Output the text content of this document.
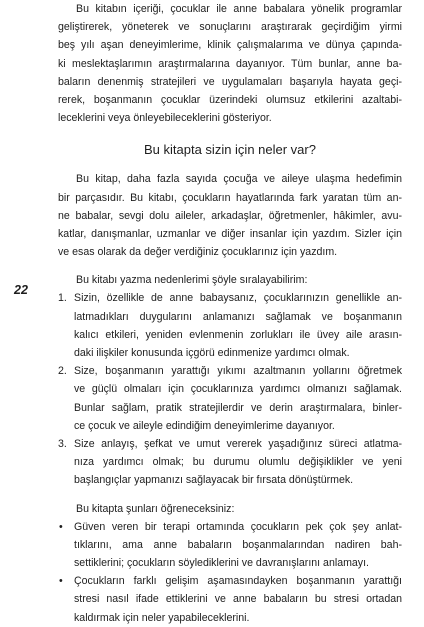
22
Bu kitabın içeriği, çocuklar ile anne babalara yönelik programlar
geliştirerek, yöneterek ve sonuçlarını araştırarak geçirdiğim yirmi
beş yılı aşan deneyimlerime, klinik çalışmalarıma ve dünya çapında-
ki meslektaşlarımın araştırmalarına dayanıyor. Tüm bunlar, anne ba-
baların denenmiş stratejileri ve uygulamaları başarıyla hayata geçi-
rerek, boşanmanın çocuklar üzerindeki olumsuz etkilerini azaltabi-
leceklerini veya önleyebileceklerini gösteriyor.
Bu kitapta sizin için neler var?
Bu kitap, daha fazla sayıda çocuğa ve aileye ulaşma hedefimin
bir parçasıdır. Bu kitabı, çocukların hayatlarında fark yaratan tüm an-
ne babalar, sevgi dolu aileler, arkadaşlar, öğretmenler, hâkimler, avu-
katlar, danışmanlar, uzmanlar ve diğer insanlar için yazdım. Sizler için
ve esas olarak da değer verdiğiniz çocuklarınız için yazdım.
Bu kitabı yazma nedenlerimi şöyle sıralayabilirim:
1. Sizin, özellikle de anne babaysanız, çocuklarınızın genellikle an-
latmadıkları duygularını anlamanızı sağlamak ve boşanmanın
kalıcı etkileri, yeniden evlenmenin zorlukları ile üvey aile arasın-
daki ilişkiler konusunda içgörü edinmenize yardımcı olmak.
2. Size, boşanmanın yarattığı yıkımı azaltmanın yollarını öğretmek
ve güçlü olmaları için çocuklarınıza yardımcı olmanızı sağlamak.
Bunlar sağlam, pratik stratejilerdir ve derin araştırmalara, binler-
ce çocuk ve aileyle edindiğim deneyimlerime dayanıyor.
3. Size anlayış, şefkat ve umut vererek yaşadığınız süreci atlatma-
nıza yardımcı olmak; bu durumu olumlu değişiklikler ve yeni
başlangıçlar yapmanızı sağlayacak bir fırsata dönüştürmek.
Bu kitapta şunları öğreneceksiniz:
• Güven veren bir terapi ortamında çocukların pek çok şey anlat-
tıklarını, ama anne babaların boşanmalarından nadiren bah-
settiklerini; çocukların söylediklerini ve davranışlarını anlamayı.
• Çocukların farklı gelişim aşamasındayken boşanmanın yarattığı
stresi nasıl ifade ettiklerini ve anne babaların bu stresi ortadan
kaldırmak için neler yapabileceklerini.
